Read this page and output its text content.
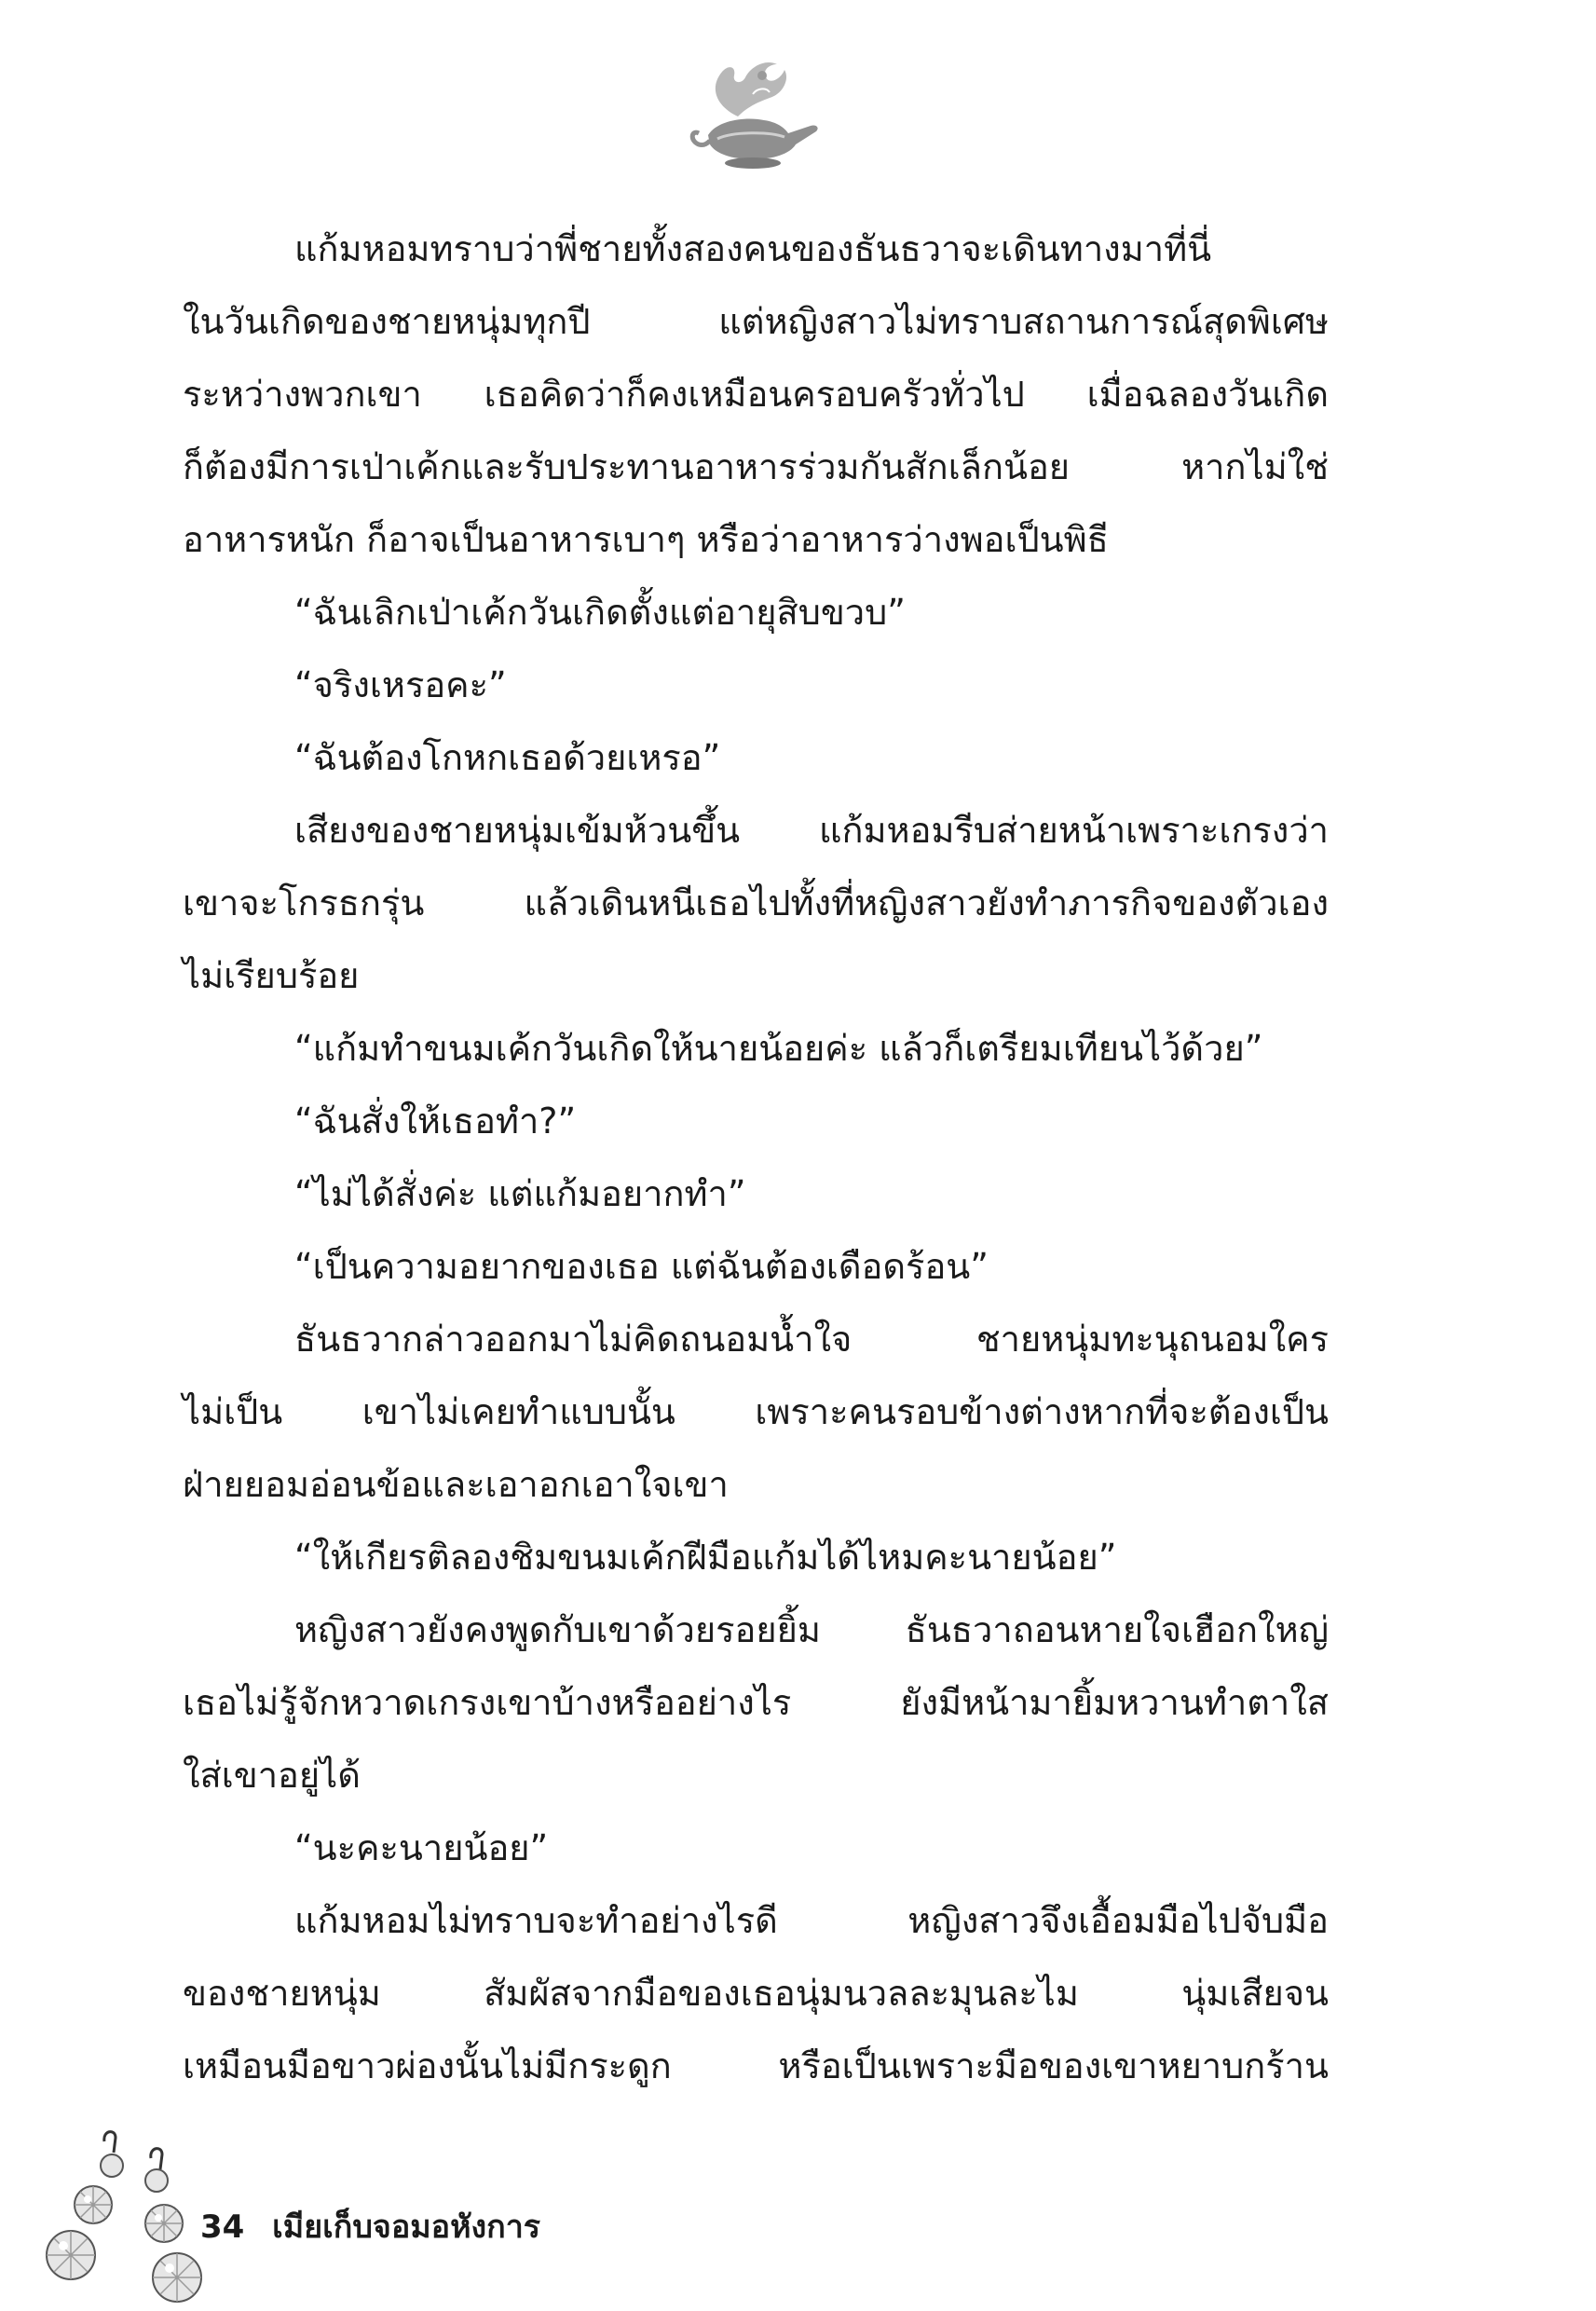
แก้มหอมทราบว่าพี่ชายทั้งสองคนของธันธวาจะเดินทางมาที่นี่
ในวันเกิดของชายหนุ่มทุกปี แต่หญิงสาวไม่ทราบสถานการณ์สุดพิเศษ
ระหว่างพวกเขา เธอคิดว่าก็คงเหมือนครอบครัวทั่วไป เมื่อฉลองวันเกิด
ก็ต้องมีการเป่าเค้กและรับประทานอาหารร่วมกันสักเล็กน้อย หากไม่ใช่
อาหารหนัก ก็อาจเป็นอาหารเบาๆ หรือว่าอาหารว่างพอเป็นพิธี
“ฉันเลิกเป่าเค้กวันเกิดตั้งแต่อายุสิบขวบ”
“จริงเหรอคะ”
“ฉันต้องโกหกเธอด้วยเหรอ”
เสียงของชายหนุ่มเข้มห้วนขึ้น แก้มหอมรีบส่ายหน้าเพราะเกรงว่า
เขาจะโกรธกรุ่น แล้วเดินหนีเธอไปทั้งที่หญิงสาวยังทำภารกิจของตัวเอง
ไม่เรียบร้อย
“แก้มทำขนมเค้กวันเกิดให้นายน้อยค่ะ แล้วก็เตรียมเทียนไว้ด้วย”
“ฉันสั่งให้เธอทำ?”
“ไม่ได้สั่งค่ะ แต่แก้มอยากทำ”
“เป็นความอยากของเธอ แต่ฉันต้องเดือดร้อน”
ธันธวากล่าวออกมาไม่คิดถนอมน้ำใจ ชายหนุ่มทะนุถนอมใคร
ไม่เป็น เขาไม่เคยทำแบบนั้น เพราะคนรอบข้างต่างหากที่จะต้องเป็น
ฝ่ายยอมอ่อนข้อและเอาอกเอาใจเขา
“ให้เกียรติลองชิมขนมเค้กฝีมือแก้มได้ไหมคะนายน้อย”
หญิงสาวยังคงพูดกับเขาด้วยรอยยิ้ม ธันธวาถอนหายใจเฮือกใหญ่
เธอไม่รู้จักหวาดเกรงเขาบ้างหรืออย่างไร ยังมีหน้ามายิ้มหวานทำตาใส
ใส่เขาอยู่ได้
“นะคะนายน้อย”
แก้มหอมไม่ทราบจะทำอย่างไรดี หญิงสาวจึงเอื้อมมือไปจับมือ
ของชายหนุ่ม สัมผัสจากมือของเธอนุ่มนวลละมุนละไม นุ่มเสียจน
เหมือนมือขาวผ่องนั้นไม่มีกระดูก หรือเป็นเพราะมือของเขาหยาบกร้าน
34 เมียเก็บจอมอหังการ
